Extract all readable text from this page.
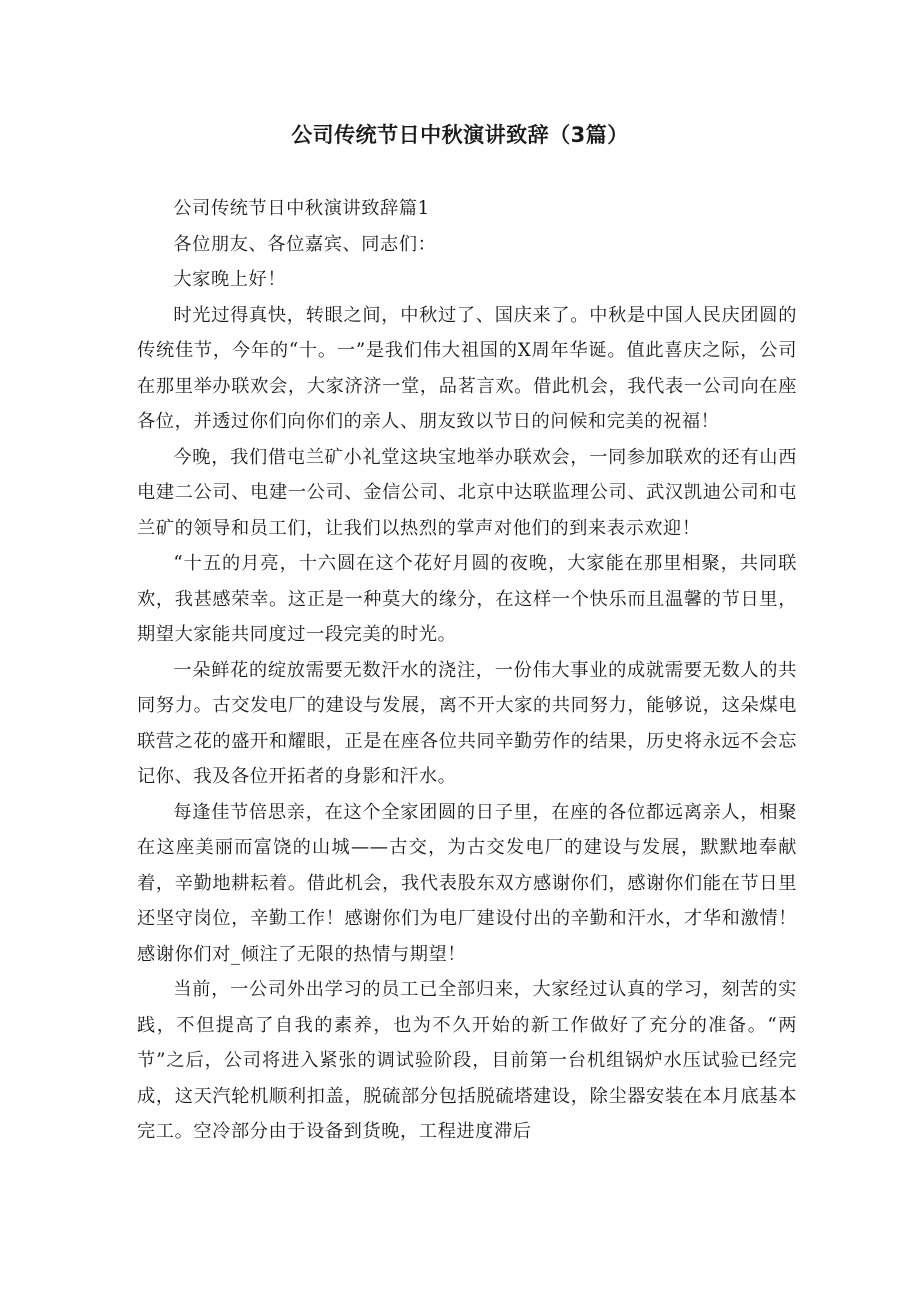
公司传统节日中秋演讲致辞（3篇）

公司传统节日中秋演讲致辞篇1

各位朋友、各位嘉宾、同志们：

大家晚上好！

时光过得真快，转眼之间，中秋过了、国庆来了。中秋是中国人民庆团圆的传统佳节，今年的“十。一”是我们伟大祖国的X周年华诞。值此喜庆之际，公司在那里举办联欢会，大家济济一堂，品茗言欢。借此机会，我代表一公司向在座各位，并透过你们向你们的亲人、朋友致以节日的问候和完美的祝福！

今晚，我们借屯兰矿小礼堂这块宝地举办联欢会，一同参加联欢的还有山西电建二公司、电建一公司、金信公司、北京中达联监理公司、武汉凯迪公司和屯兰矿的领导和员工们，让我们以热烈的掌声对他们的到来表示欢迎！

“十五的月亮，十六圆在这个花好月圆的夜晚，大家能在那里相聚，共同联欢，我甚感荣幸。这正是一种莫大的缘分，在这样一个快乐而且温馨的节日里，期望大家能共同度过一段完美的时光。

一朵鲜花的绽放需要无数汗水的浇注，一份伟大事业的成就需要无数人的共同努力。古交发电厂的建设与发展，离不开大家的共同努力，能够说，这朵煤电联营之花的盛开和耀眼，正是在座各位共同辛勤劳作的结果，历史将永远不会忘记你、我及各位开拓者的身影和汗水。

每逢佳节倍思亲，在这个全家团圆的日子里，在座的各位都远离亲人，相聚在这座美丽而富饶的山城——古交，为古交发电厂的建设与发展，默默地奉献着，辛勤地耕耘着。借此机会，我代表股东双方感谢你们，感谢你们能在节日里还坚守岗位，辛勤工作！感谢你们为电厂建设付出的辛勤和汗水，才华和激情！感谢你们对_倾注了无限的热情与期望！

当前，一公司外出学习的员工已全部归来，大家经过认真的学习，刻苦的实践，不但提高了自我的素养，也为不久开始的新工作做好了充分的准备。“两节”之后，公司将进入紧张的调试验阶段，目前第一台机组锅炉水压试验已经完成，这天汽轮机顺利扣盖，脱硫部分包括脱硫塔建设，除尘器安装在本月底基本完工。空冷部分由于设备到货晚，工程进度滞后
